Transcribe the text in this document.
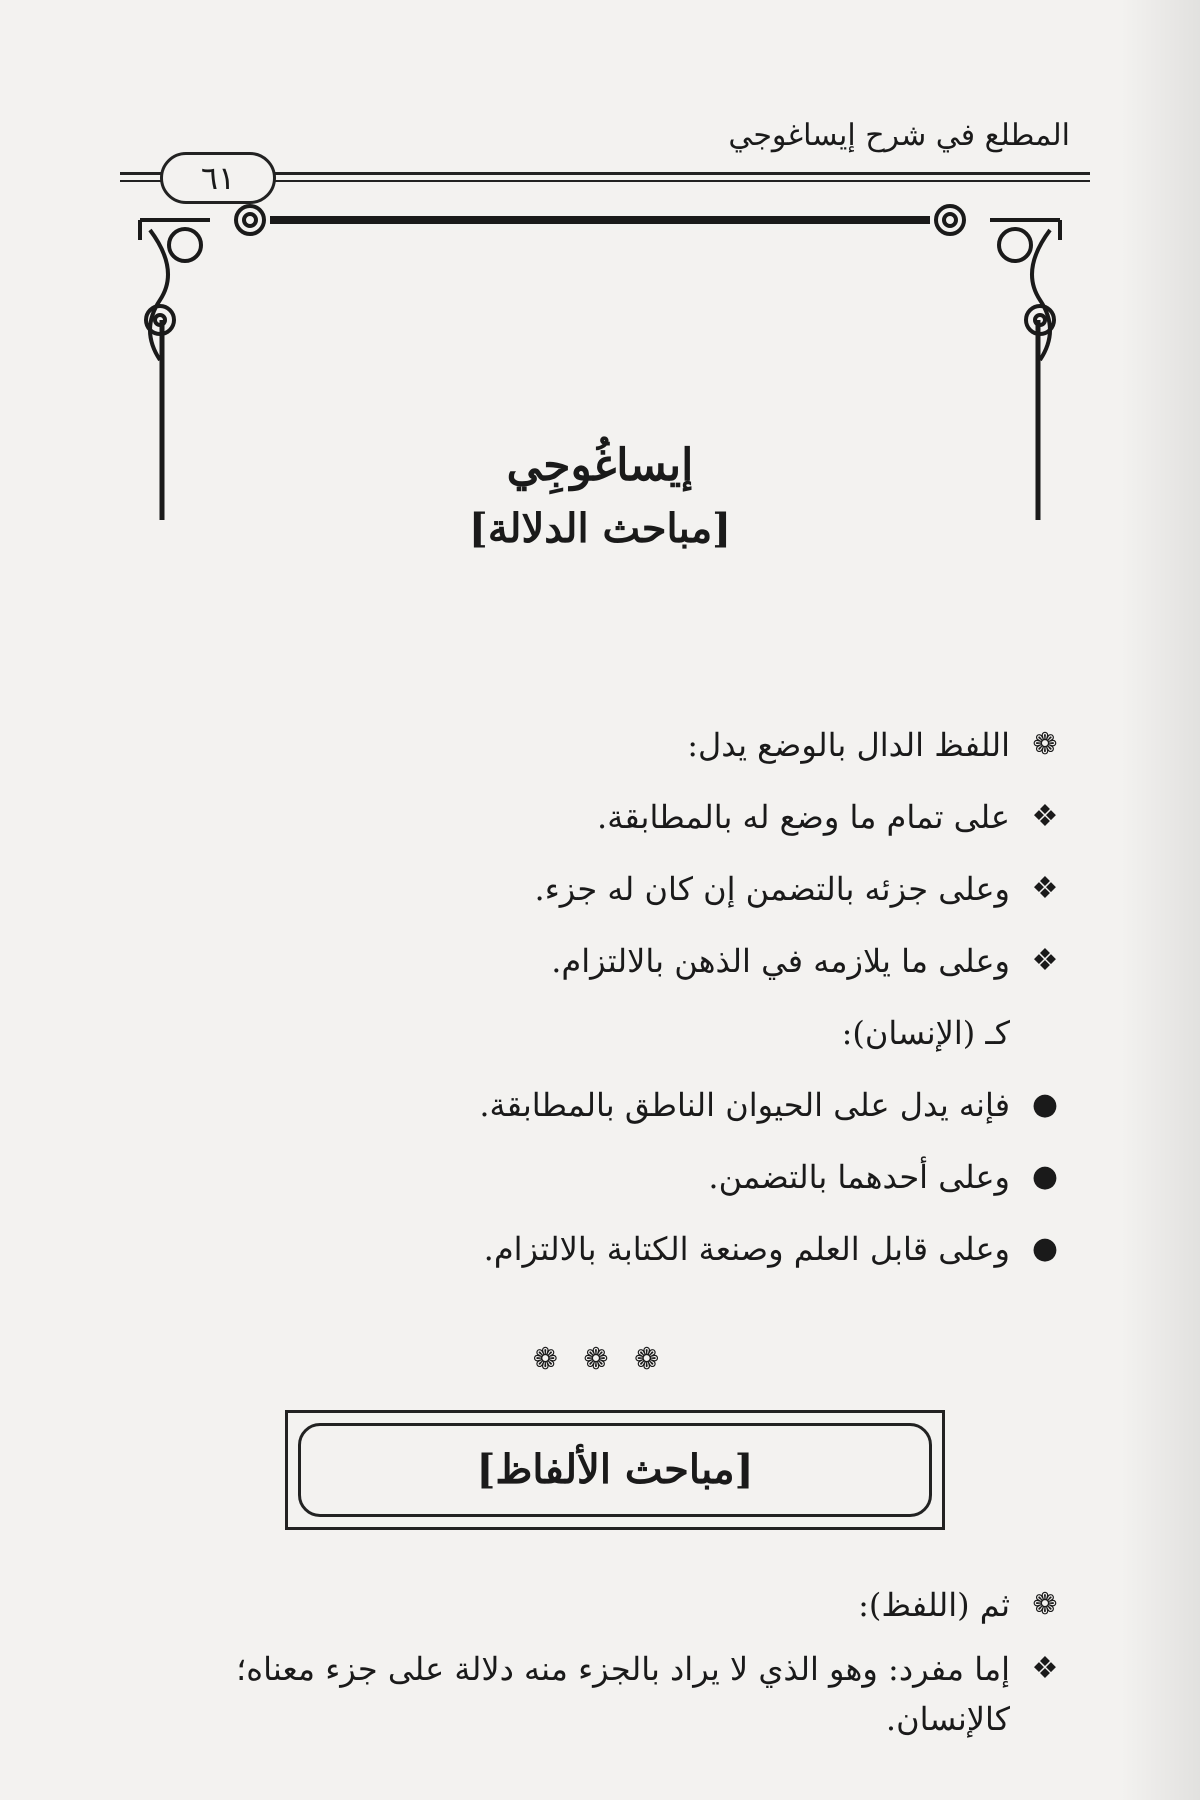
المطلع في شرح إيساغوجي
٦١
إيساغُوجِي
[مباحث الدلالة]
❁
اللفظ الدال بالوضع يدل:
❖
على تمام ما وضع له بالمطابقة.
❖
وعلى جزئه بالتضمن إن كان له جزء.
❖
وعلى ما يلازمه في الذهن بالالتزام.
كـ (الإنسان):
●
فإنه يدل على الحيوان الناطق بالمطابقة.
●
وعلى أحدهما بالتضمن.
●
وعلى قابل العلم وصنعة الكتابة بالالتزام.
❁ ❁ ❁
[مباحث الألفاظ]
❁
ثم (اللفظ):
❖
إما مفرد: وهو الذي لا يراد بالجزء منه دلالة على جزء معناه؛ كالإنسان.
